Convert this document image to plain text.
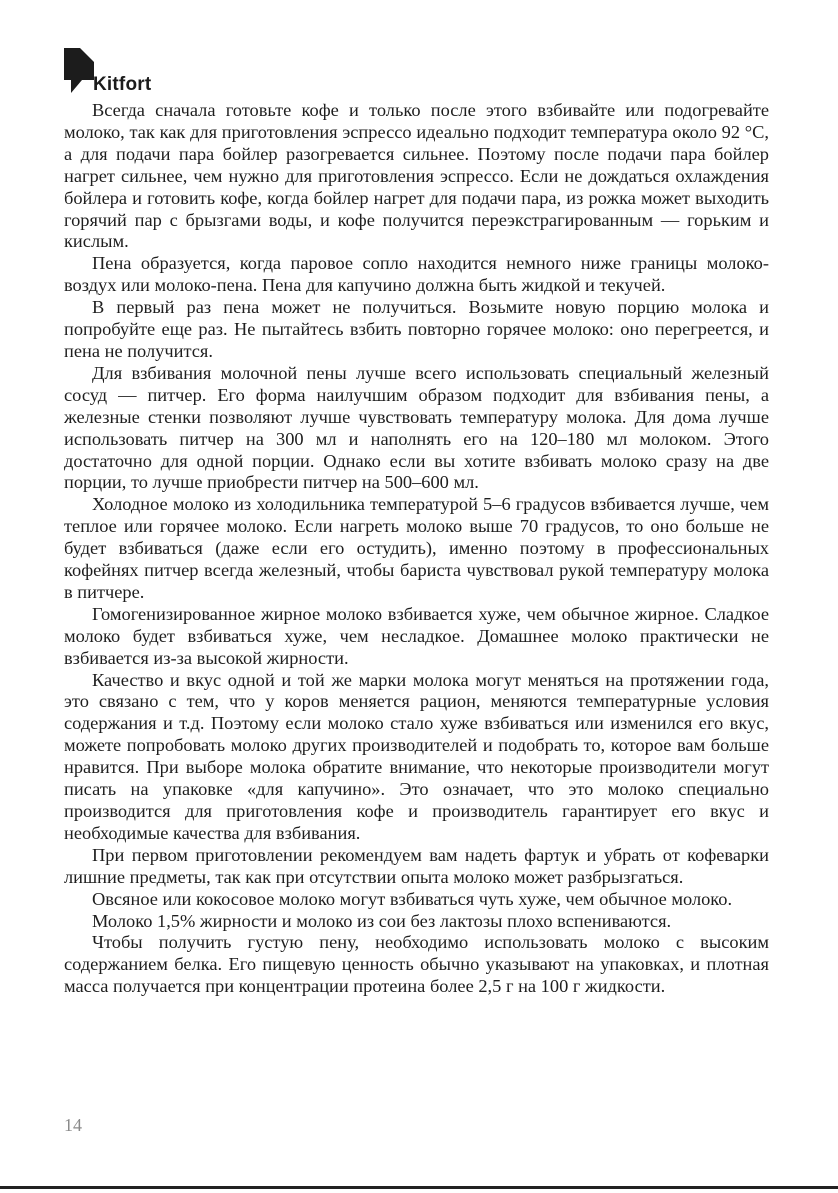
Kitfort

Всегда сначала готовьте кофе и только после этого взбивайте или подогревайте молоко, так как для приготовления эспрессо идеально подходит температура около 92 °С, а для подачи пара бойлер разогревается сильнее. Поэтому после подачи пара бойлер нагрет сильнее, чем нужно для приготовления эспрессо. Если не дождаться охлаждения бойлера и готовить кофе, когда бойлер нагрет для подачи пара, из рожка может выходить горячий пар с брызгами воды, и кофе получится переэкстрагированным — горьким и кислым.

Пена образуется, когда паровое сопло находится немного ниже границы молоко-воздух или молоко-пена. Пена для капучино должна быть жидкой и текучей.

В первый раз пена может не получиться. Возьмите новую порцию молока и попробуйте еще раз. Не пытайтесь взбить повторно горячее молоко: оно перегреется, и пена не получится.

Для взбивания молочной пены лучше всего использовать специальный железный сосуд — питчер. Его форма наилучшим образом подходит для взбивания пены, а железные стенки позволяют лучше чувствовать температуру молока. Для дома лучше использовать питчер на 300 мл и наполнять его на 120–180 мл молоком. Этого достаточно для одной порции. Однако если вы хотите взбивать молоко сразу на две порции, то лучше приобрести питчер на 500–600 мл.

Холодное молоко из холодильника температурой 5–6 градусов взбивается лучше, чем теплое или горячее молоко. Если нагреть молоко выше 70 градусов, то оно больше не будет взбиваться (даже если его остудить), именно поэтому в профессиональных кофейнях питчер всегда железный, чтобы бариста чувствовал рукой температуру молока в питчере.

Гомогенизированное жирное молоко взбивается хуже, чем обычное жирное. Сладкое молоко будет взбиваться хуже, чем несладкое. Домашнее молоко практически не взбивается из-за высокой жирности.

Качество и вкус одной и той же марки молока могут меняться на протяжении года, это связано с тем, что у коров меняется рацион, меняются температурные условия содержания и т.д. Поэтому если молоко стало хуже взбиваться или изменился его вкус, можете попробовать молоко других производителей и подобрать то, которое вам больше нравится. При выборе молока обратите внимание, что некоторые производители могут писать на упаковке «для капучино». Это означает, что это молоко специально производится для приготовления кофе и производитель гарантирует его вкус и необходимые качества для взбивания.

При первом приготовлении рекомендуем вам надеть фартук и убрать от кофеварки лишние предметы, так как при отсутствии опыта молоко может разбрызгаться.

Овсяное или кокосовое молоко могут взбиваться чуть хуже, чем обычное молоко.

Молоко 1,5% жирности и молоко из сои без лактозы плохо вспениваются.

Чтобы получить густую пену, необходимо использовать молоко с высоким содержанием белка. Его пищевую ценность обычно указывают на упаковках, и плотная масса получается при концентрации протеина более 2,5 г на 100 г жидкости.

14
